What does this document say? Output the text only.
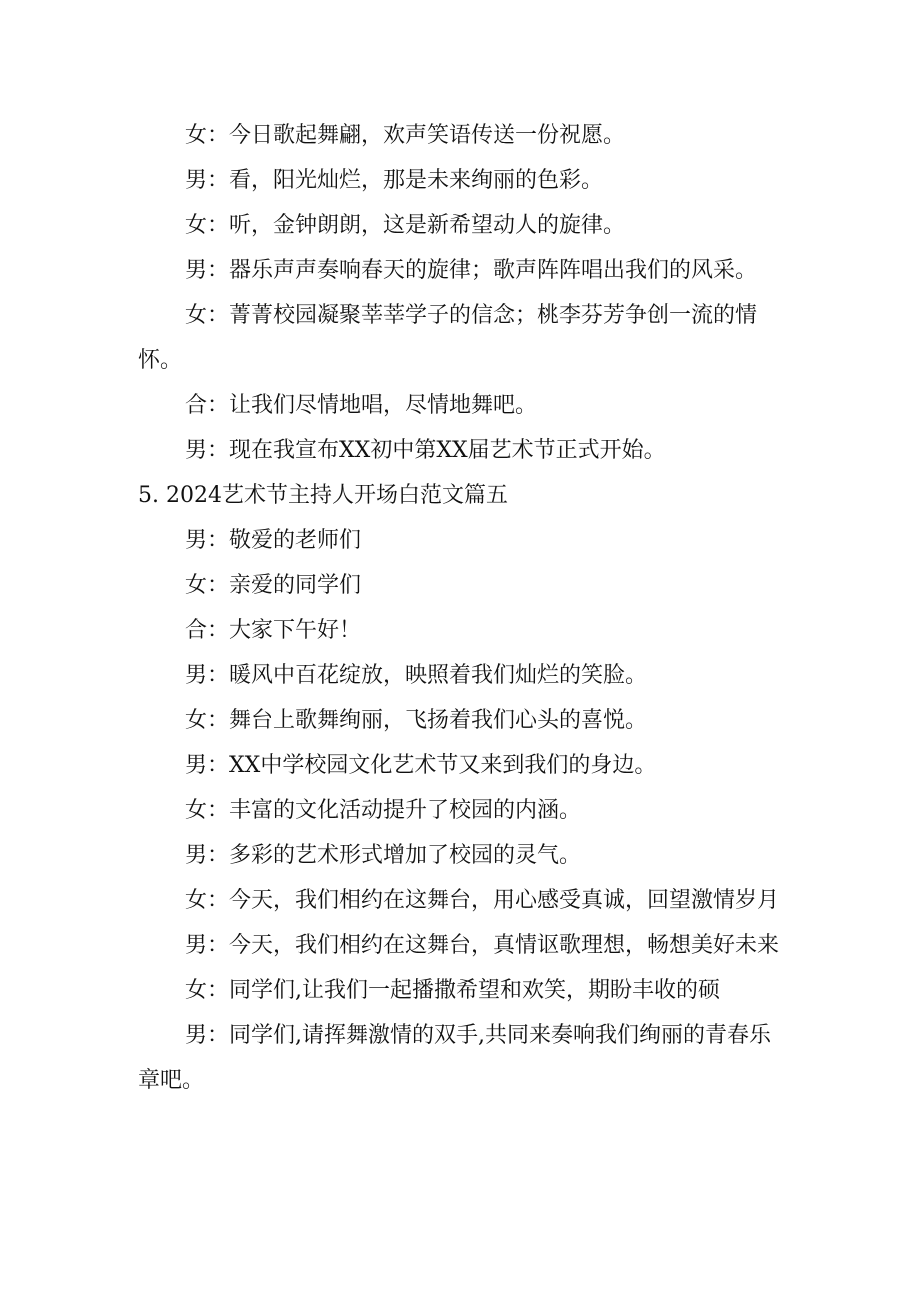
女：今日歌起舞翩，欢声笑语传送一份祝愿。

男：看，阳光灿烂，那是未来绚丽的色彩。

女：听，金钟朗朗，这是新希望动人的旋律。

男：器乐声声奏响春天的旋律；歌声阵阵唱出我们的风采。

女：菁菁校园凝聚莘莘学子的信念；桃李芬芳争创一流的情怀。

合：让我们尽情地唱，尽情地舞吧。

男：现在我宣布XX初中第XX届艺术节正式开始。

5. 2024艺术节主持人开场白范文篇五

男：敬爱的老师们

女：亲爱的同学们

合：大家下午好！

男：暖风中百花绽放，映照着我们灿烂的笑脸。

女：舞台上歌舞绚丽，飞扬着我们心头的喜悦。

男：XX中学校园文化艺术节又来到我们的身边。

女：丰富的文化活动提升了校园的内涵。

男：多彩的艺术形式增加了校园的灵气。

女：今天，我们相约在这舞台，用心感受真诚，回望激情岁月

男：今天，我们相约在这舞台，真情讴歌理想，畅想美好未来

女：同学们,让我们一起播撒希望和欢笑，期盼丰收的硕

男：同学们,请挥舞激情的双手,共同来奏响我们绚丽的青春乐章吧。
